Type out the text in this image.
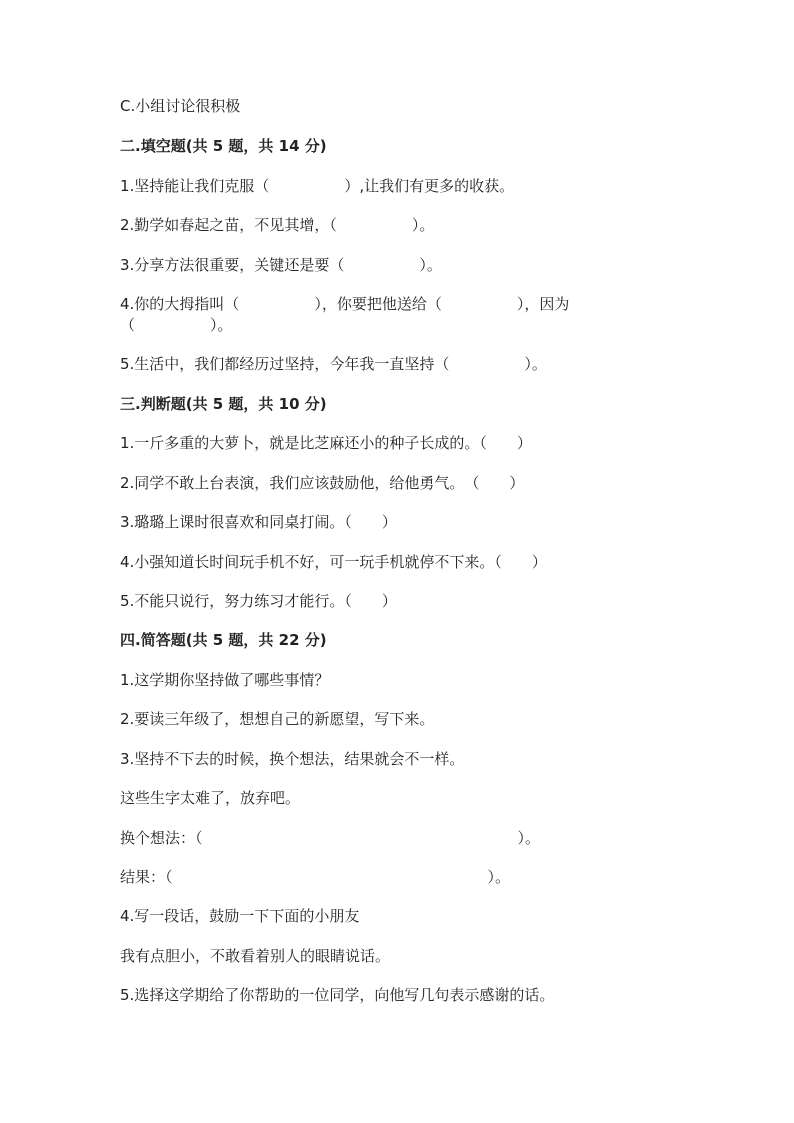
C.小组讨论很积极

二.填空题(共 5 题，共 14 分)

1.坚持能让我们克服（　　　　　）,让我们有更多的收获。

2.勤学如春起之苗，不见其增，（　　　　　）。

3.分享方法很重要，关键还是要（　　　　　）。

4.你的大拇指叫（　　　　　），你要把他送给（　　　　　），因为

（　　　　　）。

5.生活中，我们都经历过坚持，今年我一直坚持（　　　　　）。

三.判断题(共 5 题，共 10 分)

1.一斤多重的大萝卜，就是比芝麻还小的种子长成的。（　　）

2.同学不敢上台表演，我们应该鼓励他，给他勇气。　（　　）

3.璐璐上课时很喜欢和同桌打闹。（　　）

4.小强知道长时间玩手机不好，可一玩手机就停不下来。（　　）

5.不能只说行，努力练习才能行。（　　）

四.简答题(共 5 题，共 22 分)

1.这学期你坚持做了哪些事情？

2.要读三年级了，想想自己的新愿望，写下来。

3.坚持不下去的时候，换个想法，结果就会不一样。

这些生字太难了，放弃吧。

换个想法：（　　　　　　　　　　　　　　　　　　　　　）。

结果：（　　　　　　　　　　　　　　　　　　　　　）。

4.写一段话，鼓励一下下面的小朋友

我有点胆小，不敢看着别人的眼睛说话。

5.选择这学期给了你帮助的一位同学，向他写几句表示感谢的话。
